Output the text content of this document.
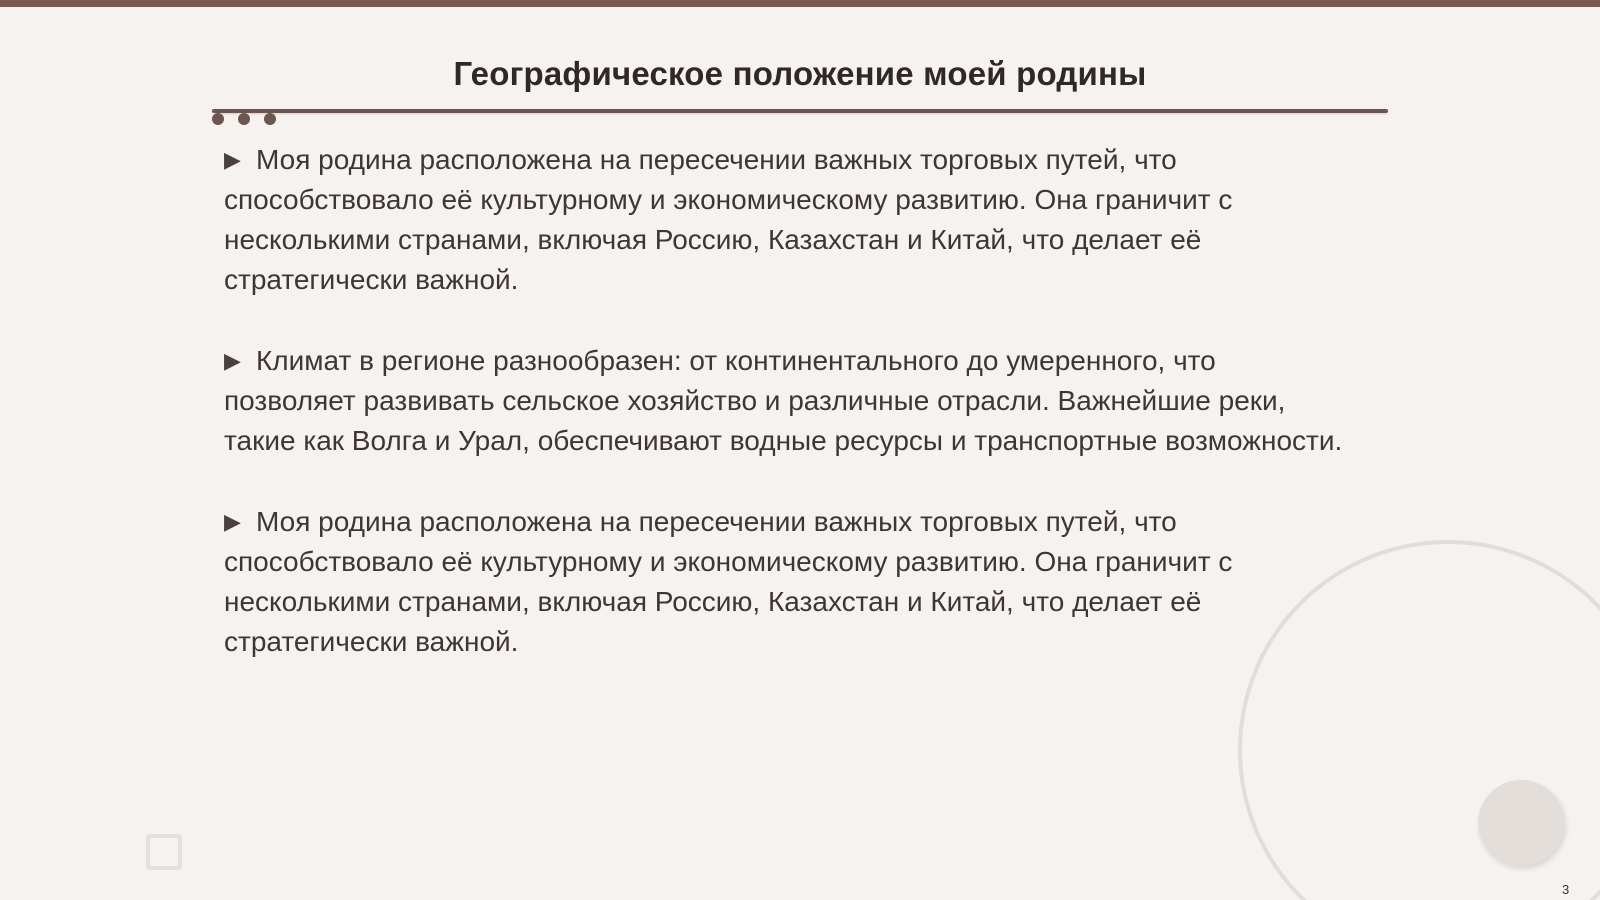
Географическое положение моей родины

▶ Моя родина расположена на пересечении важных торговых путей, что способствовало её культурному и экономическому развитию. Она граничит с несколькими странами, включая Россию, Казахстан и Китай, что делает её стратегически важной.

▶ Климат в регионе разнообразен: от континентального до умеренного, что позволяет развивать сельское хозяйство и различные отрасли. Важнейшие реки, такие как Волга и Урал, обеспечивают водные ресурсы и транспортные возможности.

▶ Моя родина расположена на пересечении важных торговых путей, что способствовало её культурному и экономическому развитию. Она граничит с несколькими странами, включая Россию, Казахстан и Китай, что делает её стратегически важной.

3
